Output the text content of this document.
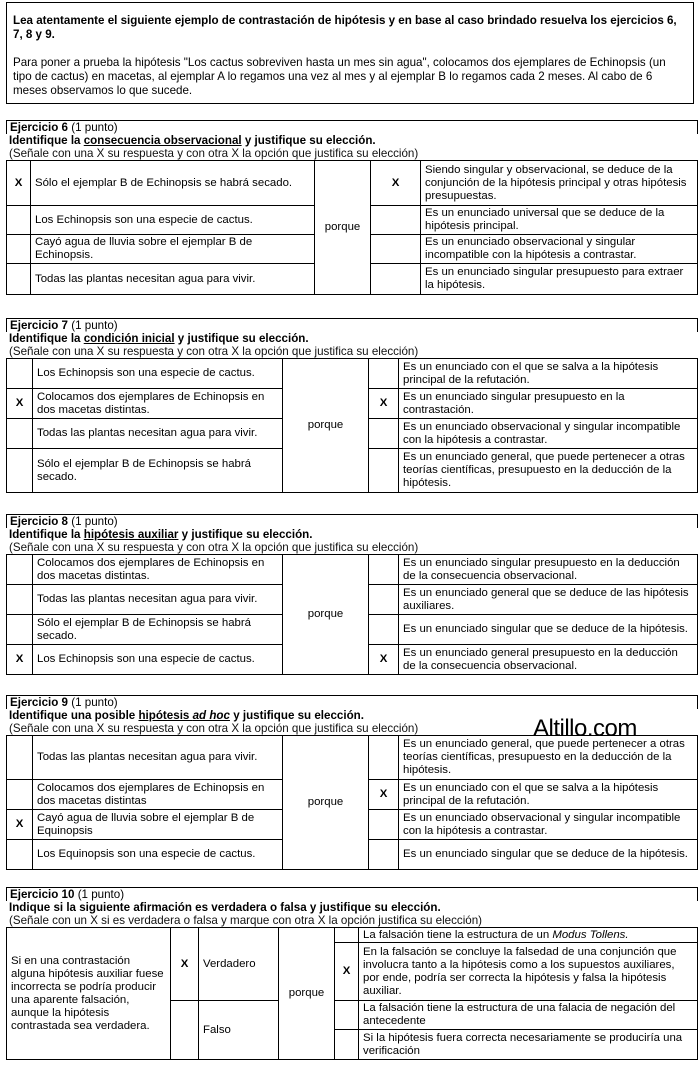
Lea atentamente el siguiente ejemplo de contrastación de hipótesis y en base al caso brindado resuelva los ejercicios 6, 7, 8 y 9.
Para poner a prueba la hipótesis "Los cactus sobreviven hasta un mes sin agua", colocamos dos ejemplares de Echinopsis (un tipo de cactus) en macetas, al ejemplar A lo regamos una vez al mes y al ejemplar B lo regamos cada 2 meses. Al cabo de 6 meses observamos lo que sucede.
Ejercicio 6 (1 punto)
Identifique la consecuencia observacional y justifique su elección.
(Señale con una X su respuesta y con otra X la opción que justifica su elección)
X	Sólo el ejemplar B de Echinopsis se habrá secado.	porque	X	Siendo singular y observacional, se deduce de la conjunción de la hipótesis principal y otras hipótesis presupuestas.
	Los Echinopsis son una especie de cactus.			Es un enunciado universal que se deduce de la hipótesis principal.
	Cayó agua de lluvia sobre el ejemplar B de Echinopsis.			Es un enunciado observacional y singular incompatible con la hipótesis a contrastar.
	Todas las plantas necesitan agua para vivir.			Es un enunciado singular presupuesto para extraer la hipótesis.
Ejercicio 7 (1 punto)
Identifique la condición inicial y justifique su elección.
(Señale con una X su respuesta y con otra X la opción que justifica su elección)
	Los Echinopsis son una especie de cactus.	porque		Es un enunciado con el que se salva a la hipótesis principal de la refutación.
X	Colocamos dos ejemplares de Echinopsis en dos macetas distintas.		X	Es un enunciado singular presupuesto en la contrastación.
	Todas las plantas necesitan agua para vivir.			Es un enunciado observacional y singular incompatible con la hipótesis a contrastar.
	Sólo el ejemplar B de Echinopsis se habrá secado.			Es un enunciado general, que puede pertenecer a otras teorías científicas, presupuesto en la deducción de la hipótesis.
Ejercicio 8 (1 punto)
Identifique la hipótesis auxiliar y justifique su elección.
(Señale con una X su respuesta y con otra X la opción que justifica su elección)
	Colocamos dos ejemplares de Echinopsis en dos macetas distintas.	porque		Es un enunciado singular presupuesto en la deducción de la consecuencia observacional.
	Todas las plantas necesitan agua para vivir.			Es un enunciado general que se deduce de las hipótesis auxiliares.
	Sólo el ejemplar B de Echinopsis se habrá secado.			Es un enunciado singular que se deduce de la hipótesis.
X	Los Echinopsis son una especie de cactus.		X	Es un enunciado general presupuesto en la deducción de la consecuencia observacional.
Ejercicio 9 (1 punto)
Identifique una posible hipótesis ad hoc y justifique su elección.
(Señale con una X su respuesta y con otra X la opción que justifica su elección)
	Todas las plantas necesitan agua para vivir.	porque		Es un enunciado general, que puede pertenecer a otras teorías científicas, presupuesto en la deducción de la hipótesis.
	Colocamos dos ejemplares de Echinopsis en dos macetas distintas		X	Es un enunciado con el que se salva a la hipótesis principal de la refutación.
X	Cayó agua de lluvia sobre el ejemplar B de Equinopsis			Es un enunciado observacional y singular incompatible con la hipótesis a contrastar.
	Los Equinopsis son una especie de cactus.			Es un enunciado singular que se deduce de la hipótesis.
Altillo.com
Ejercicio 10 (1 punto)
Indique si la siguiente afirmación es verdadera o falsa y justifique su elección.
(Señale con un X si es verdadera o falsa y marque con otra X la opción justifica su elección)
Si en una contrastación alguna hipótesis auxiliar fuese incorrecta se podría producir una aparente falsación, aunque la hipótesis contrastada sea verdadera.	X	Verdadero	porque		La falsación tiene la estructura de un Modus Tollens.
				X	En la falsación se concluye la falsedad de una conjunción que involucra tanto a la hipótesis como a los supuestos auxiliares, por ende, podría ser correcta la hipótesis y falsa la hipótesis auxiliar.
		Falso			La falsación tiene la estructura de una falacia de negación del antecedente
					Si la hipótesis fuera correcta necesariamente se produciría una verificación
